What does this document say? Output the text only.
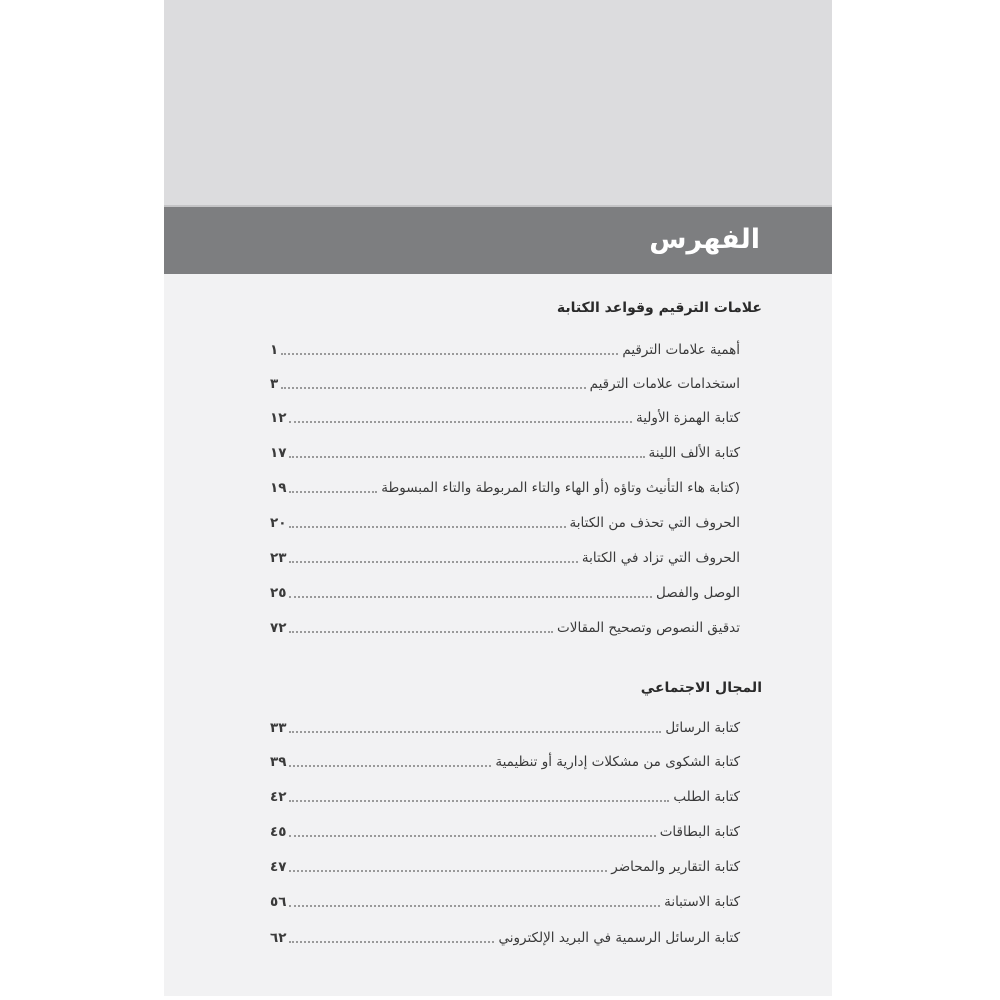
الفهرس
علامات الترقيم وقواعد الكتابة
أهمية علامات الترقيم
١
استخدامات علامات الترقيم
٣
كتابة الهمزة الأولية
١٢
كتابة الألف اللينة
١٧
(كتابة هاء التأنيث وتاؤه (أو الهاء والتاء المربوطة والتاء المبسوطة
١٩
الحروف التي تحذف من الكتابة
٢٠
الحروف التي تزاد في الكتابة
٢٣
الوصل والفصل
٢٥
تدقيق النصوص وتصحيح المقالات
٧٢
المجال الاجتماعي
كتابة الرسائل
٣٣
كتابة الشكوى من مشكلات إدارية أو تنظيمية
٣٩
كتابة الطلب
٤٢
كتابة البطاقات
٤٥
كتابة التقارير والمحاضر
٤٧
كتابة الاستبانة
٥٦
كتابة الرسائل الرسمية في البريد الإلكتروني
٦٢
